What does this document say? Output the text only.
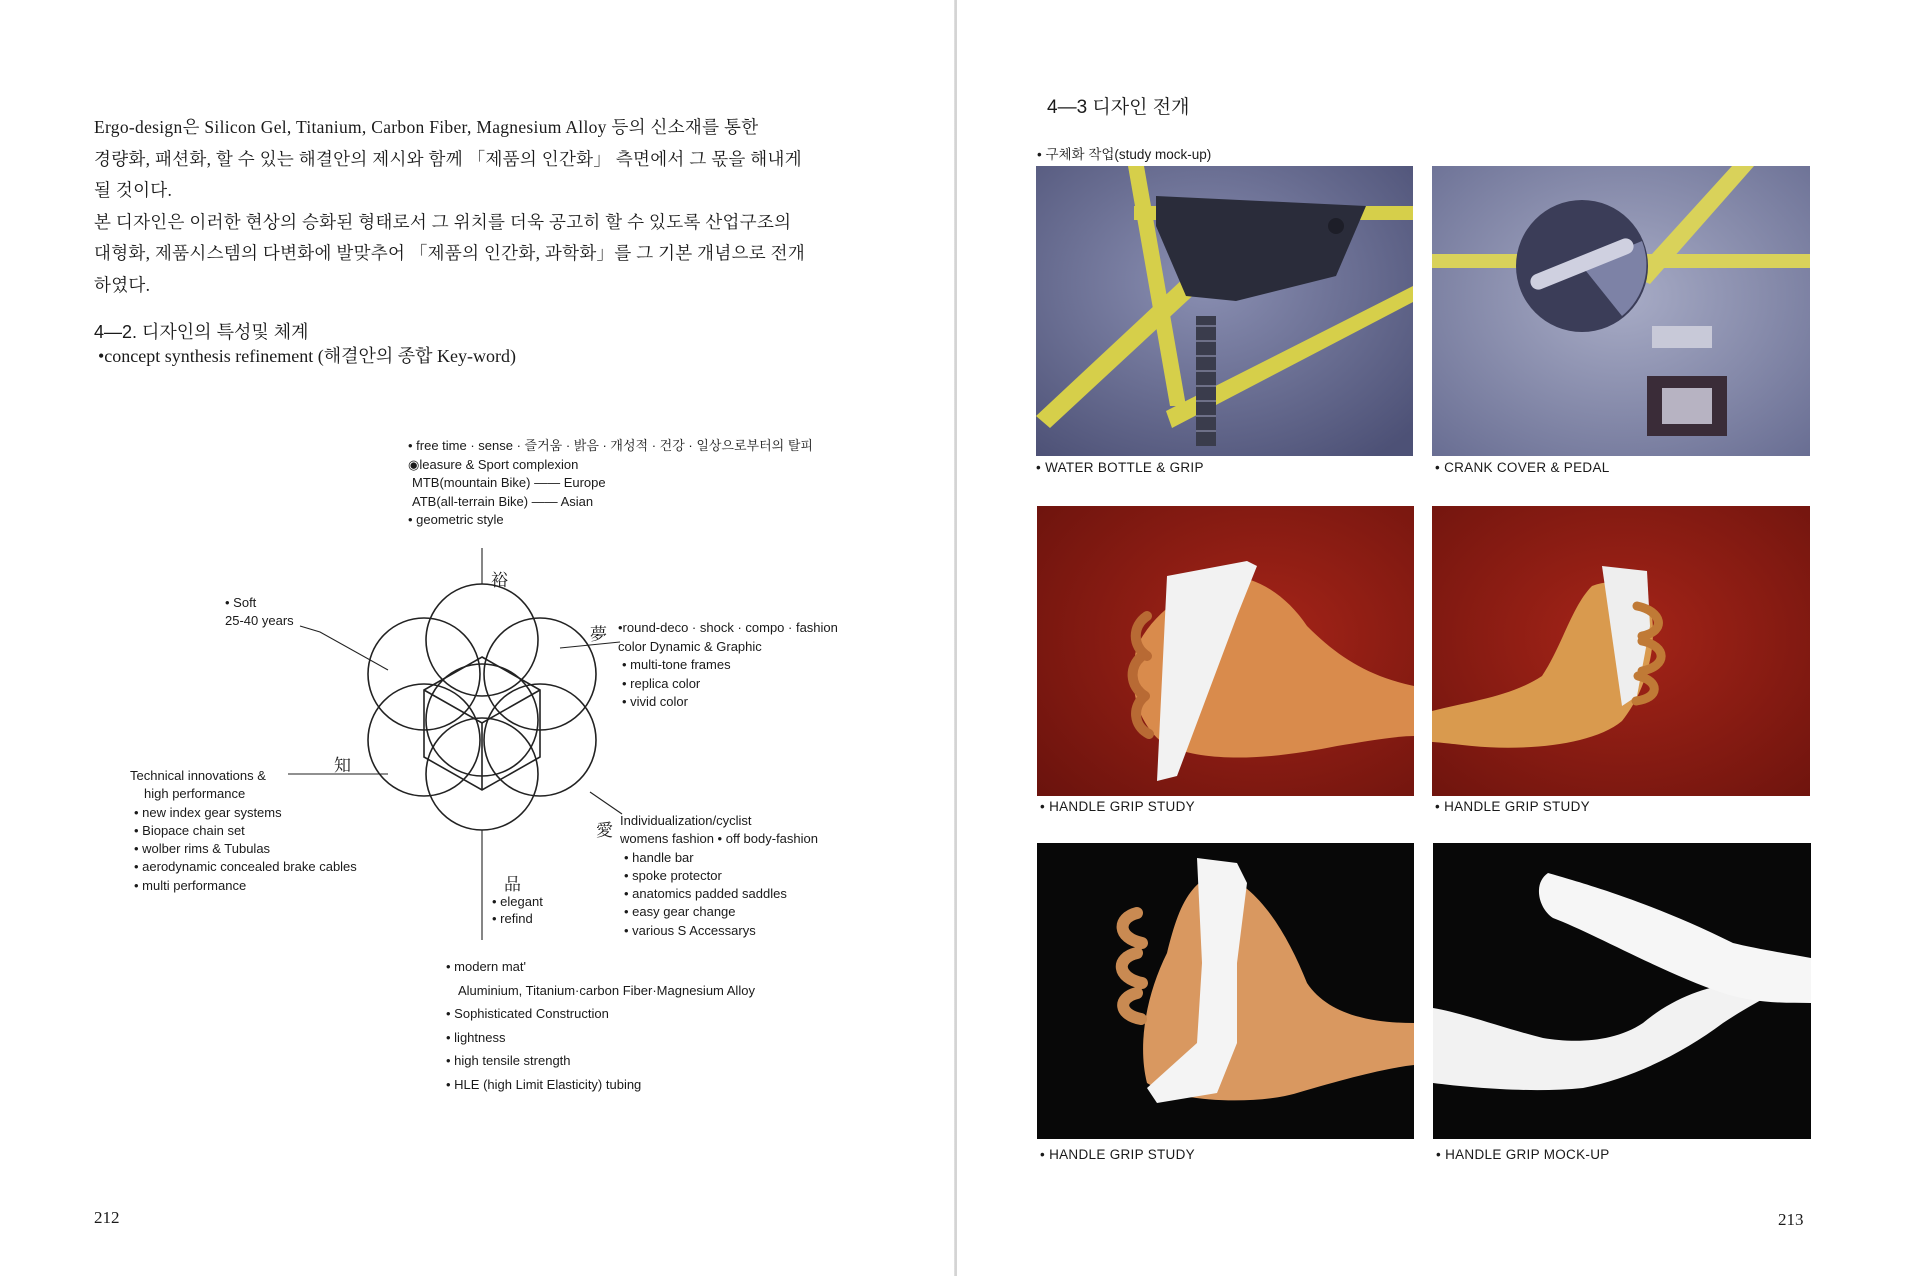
Ergo-design은 Silicon Gel, Titanium, Carbon Fiber, Magnesium Alloy 등의 신소재를 통한
경량화, 패션화, 할 수 있는 해결안의 제시와 함께 「제품의 인간화」 측면에서 그 몫을 해내게
될 것이다.
본 디자인은 이러한 현상의 승화된 형태로서 그 위치를 더욱 공고히 할 수 있도록 산업구조의
대형화, 제품시스템의 다변화에 발맞추어 「제품의 인간화, 과학화」를 그 기본 개념으로 전개
하였다.
4—2. 디자인의 특성및 체계
•concept synthesis refinement (해결안의 종합 Key-word)
• free time · sense · 즐거움 · 밝음 · 개성적 · 건강 · 일상으로부터의 탈피
◉leasure & Sport complexion
MTB(mountain Bike) —— Europe
ATB(all-terrain Bike) —— Asian
• geometric style
裕
夢
知
愛
品
• Soft
25-40 years	•round-deco · shock · compo · fashion
color Dynamic & Graphic
• multi-tone frames
• replica color
• vivid color
Technical innovations &
high performance
• new index gear systems
• Biopace chain set
• wolber rims & Tubulas
• aerodynamic concealed brake cables
• multi performance
Individualization/cyclist
womens fashion • off body-fashion
• handle bar
• spoke protector
• anatomics padded saddles
• easy gear change
• various S Accessarys
• elegant
• refind
• modern mat'
Aluminium, Titanium·carbon Fiber·Magnesium Alloy
• Sophisticated Construction
• lightness
• high tensile strength
• HLE (high Limit Elasticity) tubing
212
4—3 디자인 전개
• 구체화 작업(study mock-up)
• WATER BOTTLE & GRIP	• CRANK COVER & PEDAL
• HANDLE GRIP STUDY	• HANDLE GRIP STUDY
• HANDLE GRIP STUDY	• HANDLE GRIP MOCK-UP
213
